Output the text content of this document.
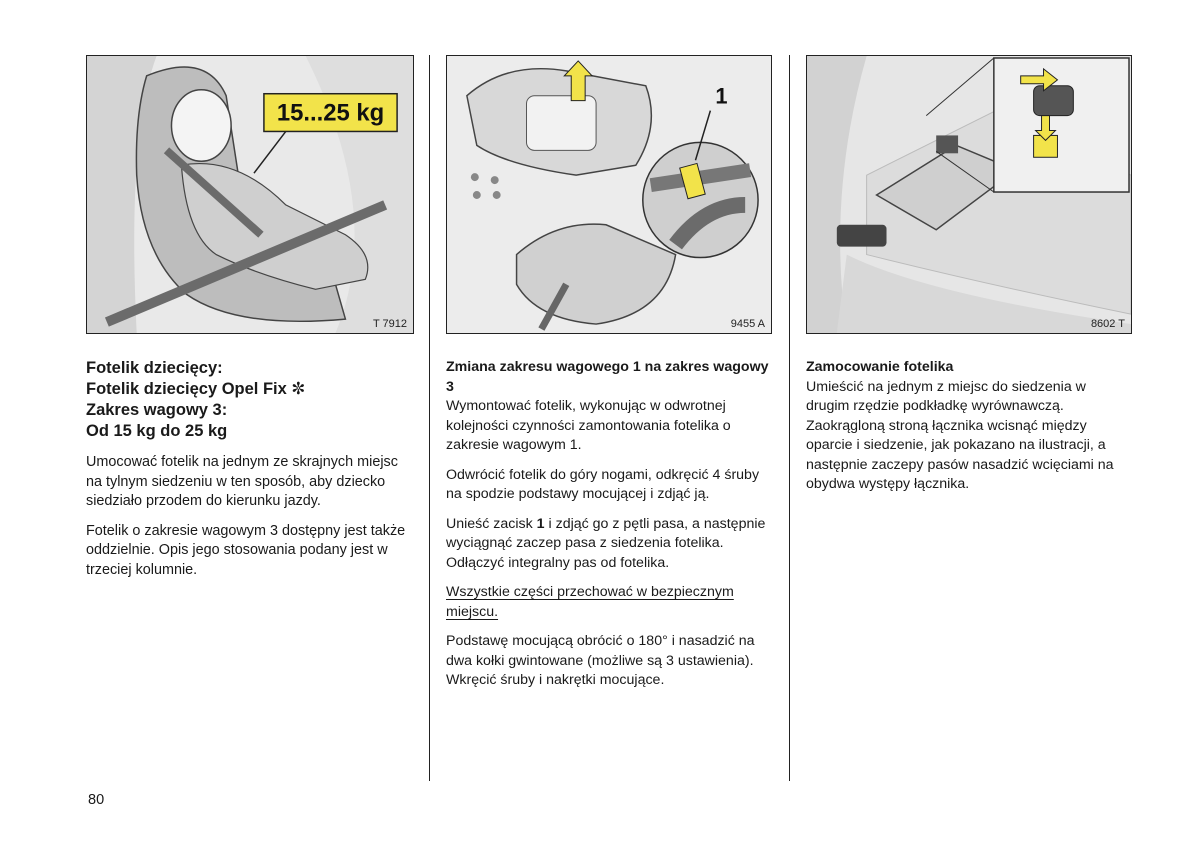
15...25 kg
T 7912
Fotelik dziecięcy:
Fotelik dziecięcy Opel Fix ✼
Zakres wagowy 3:
Od 15 kg do 25 kg

Umocować fotelik na jednym ze skrajnych miejsc na tylnym siedzeniu w ten sposób, aby dziecko siedziało przodem do kierunku jazdy.

Fotelik o zakresie wagowym 3 dostępny jest także oddzielnie. Opis jego stosowania podany jest w trzeciej kolumnie.

1
9455 A
Zmiana zakresu wagowego 1 na zakres wagowy 3

Wymontować fotelik, wykonując w odwrotnej kolejności czynności zamontowania fotelika o zakresie wagowym 1.

Odwrócić fotelik do góry nogami, odkręcić 4 śruby na spodzie podstawy mocującej i zdjąć ją.

Unieść zacisk 1 i zdjąć go z pętli pasa, a następnie wyciągnąć zaczep pasa z siedzenia fotelika. Odłączyć integralny pas od fotelika.

Wszystkie części przechować w bezpiecznym miejscu.

Podstawę mocującą obrócić o 180° i nasadzić na dwa kołki gwintowane (możliwe są 3 ustawienia). Wkręcić śruby i nakrętki mocujące.

8602 T
Zamocowanie fotelika

Umieścić na jednym z miejsc do siedzenia w drugim rzędzie podkładkę wyrównawczą. Zaokrągloną stroną łącznika wcisnąć między oparcie i siedzenie, jak pokazano na ilustracji, a następnie zaczepy pasów nasadzić wcięciami na obydwa występy łącznika.

80
